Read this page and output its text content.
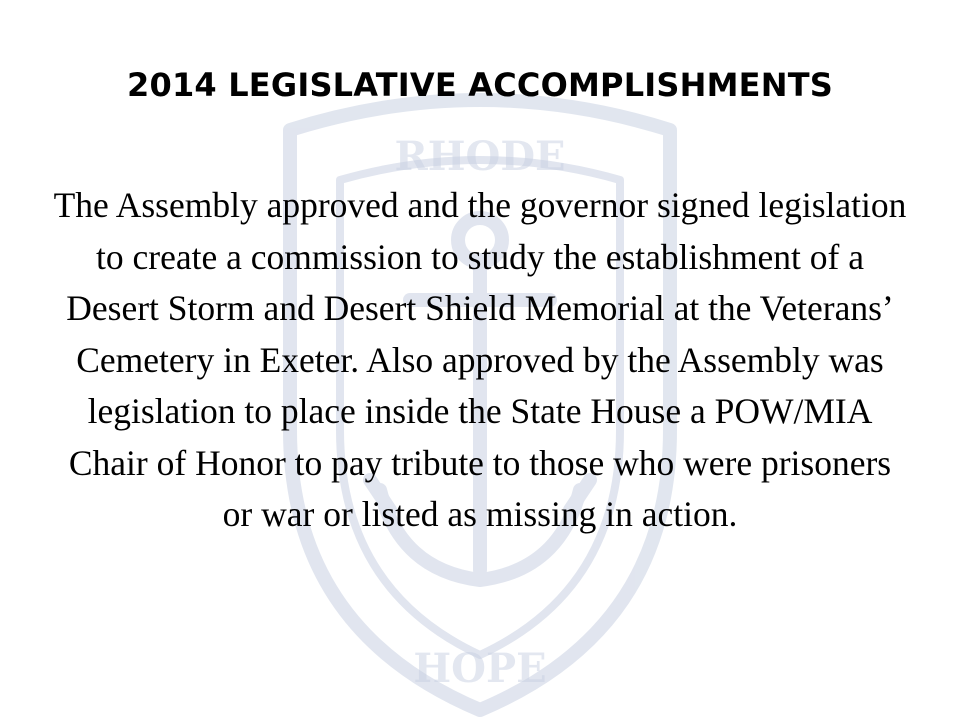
RHODE
HOPE
2014 LEGISLATIVE ACCOMPLISHMENTS

The Assembly approved and the governor signed legislation to create a commission to study the establishment of a Desert Storm and Desert Shield Memorial at the Veterans’ Cemetery in Exeter. Also approved by the Assembly was legislation to place inside the State House a POW/MIA Chair of Honor to pay tribute to those who were prisoners or war or listed as missing in action.
